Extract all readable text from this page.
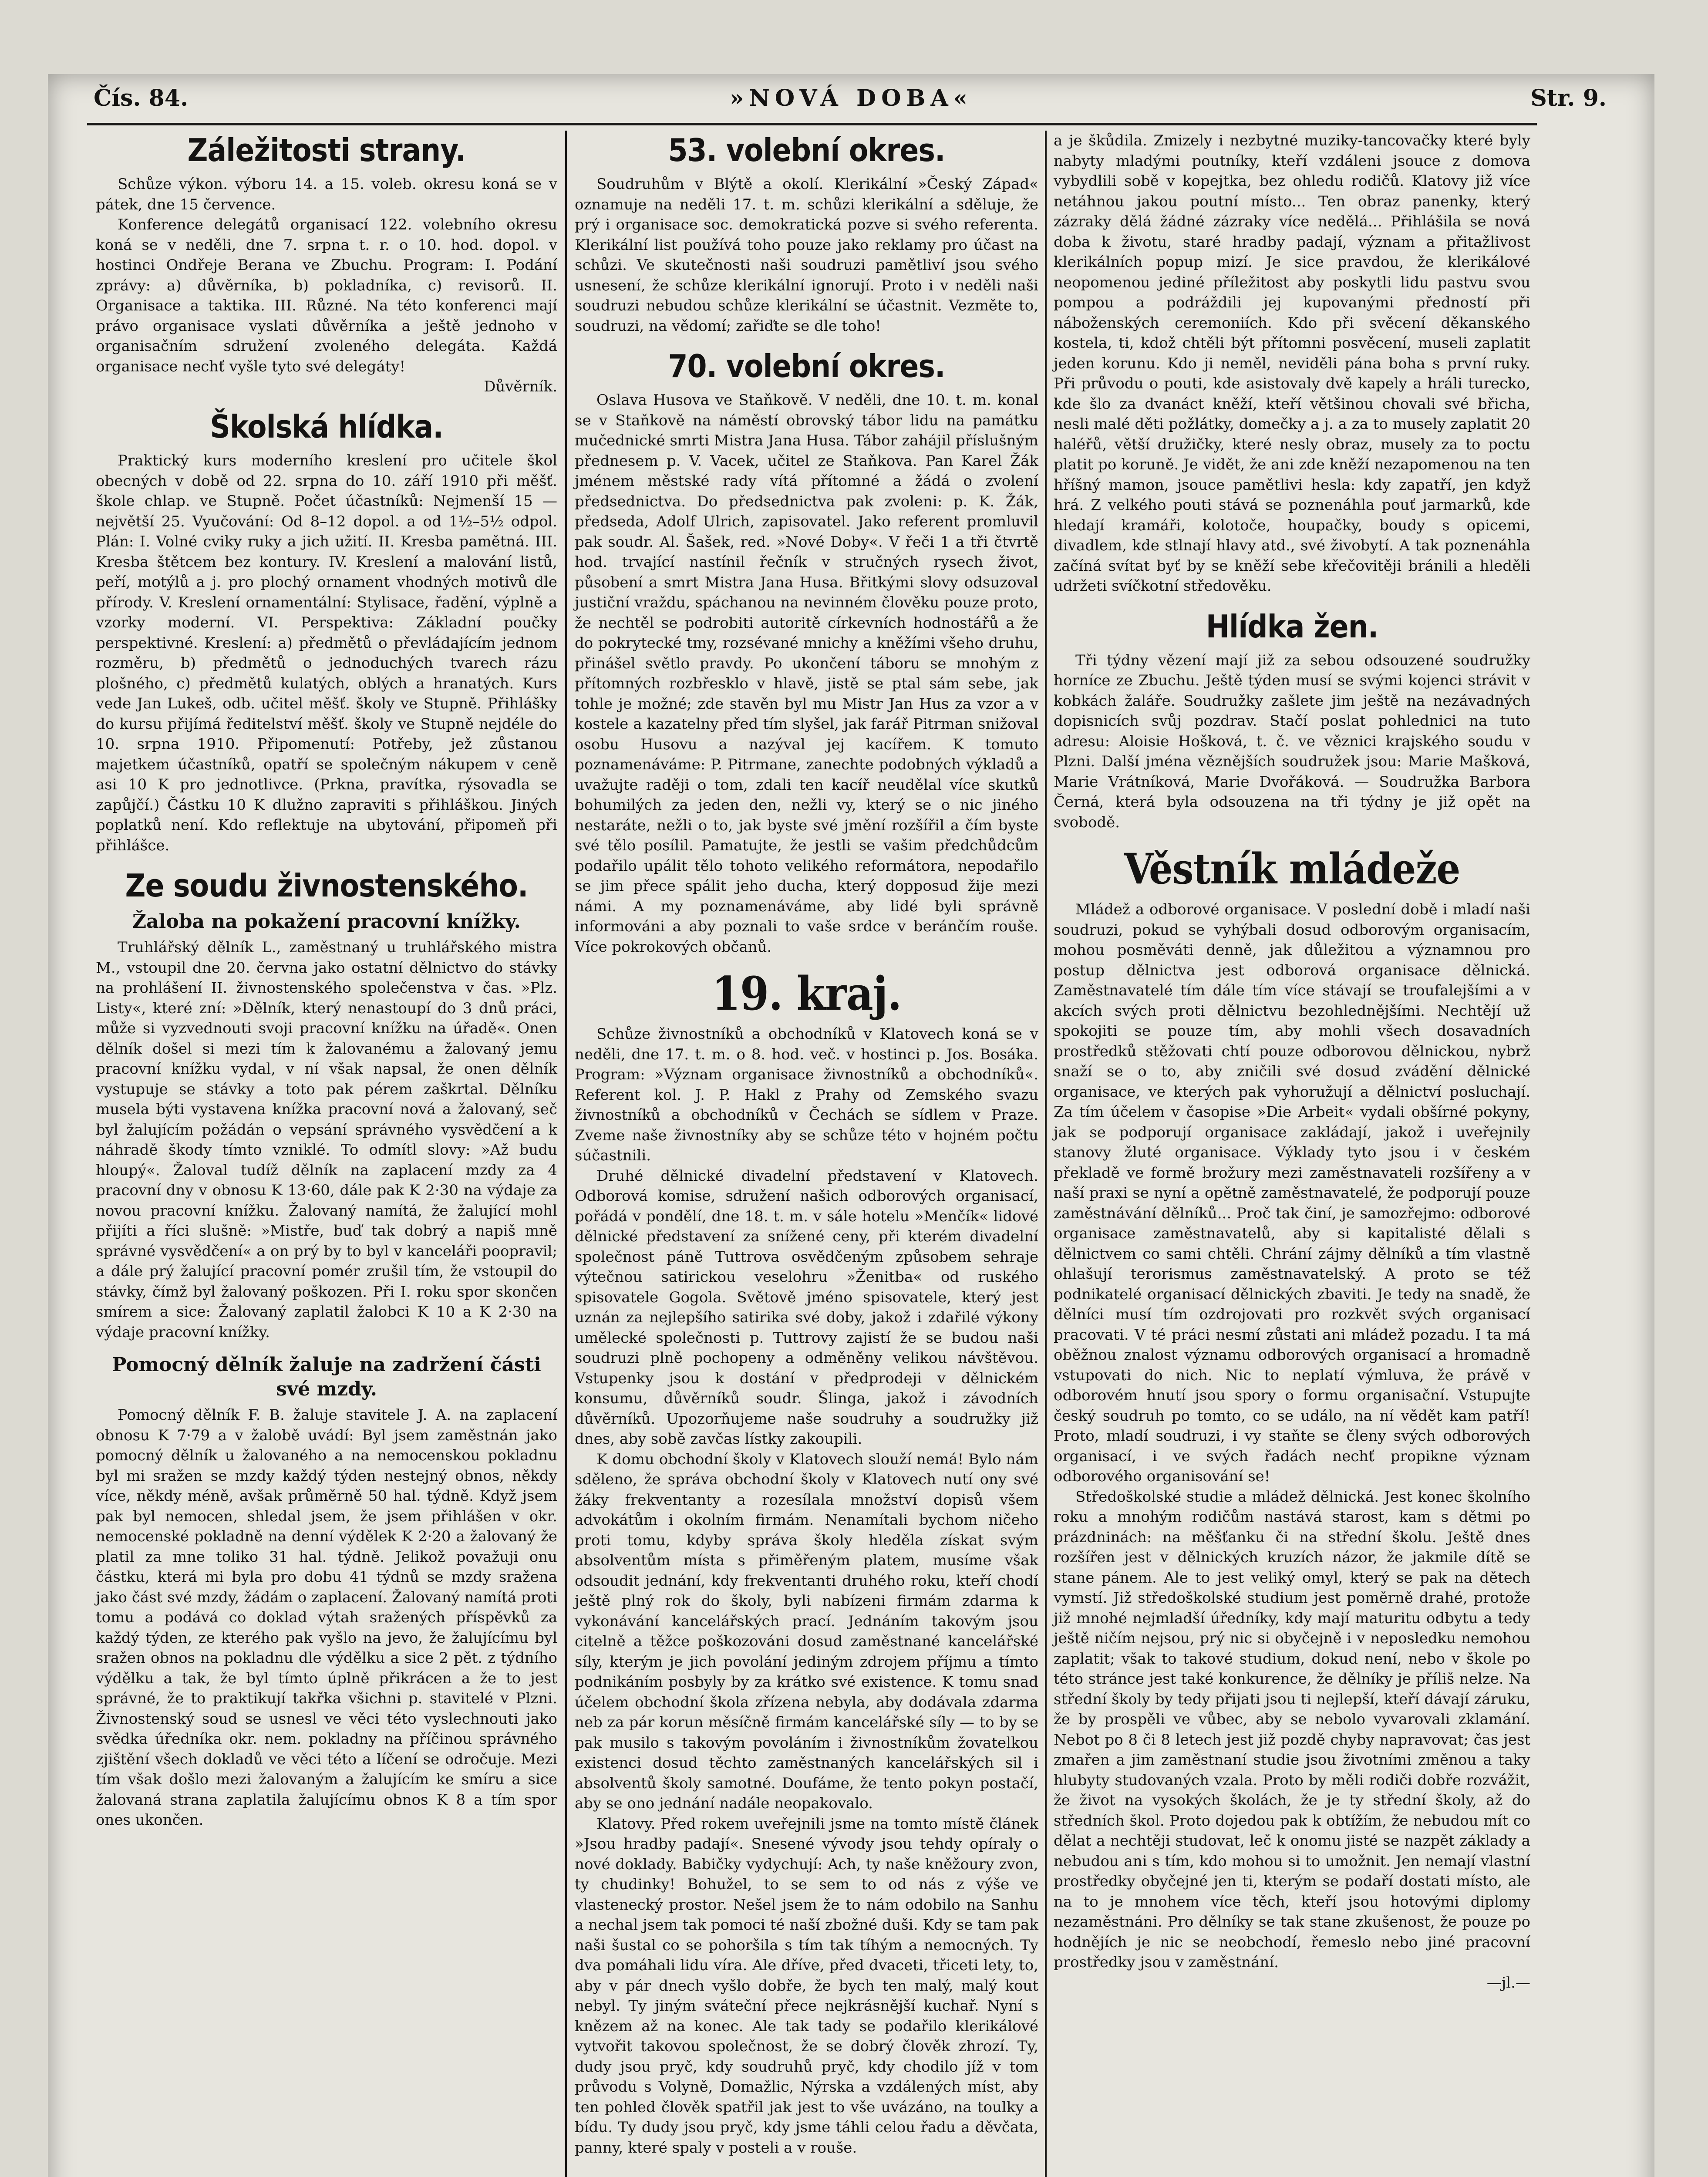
Čís. 84.	»NOVÁ DOBA«	Str. 9.
Záležitosti strany.

Schůze výkon. výboru 14. a 15. voleb. okresu koná se v pátek, dne 15 července.

Konference delegátů organisací 122. volebního okresu koná se v neděli, dne 7. srpna t. r. o 10. hod. dopol. v hostinci Ondřeje Berana ve Zbuchu. Program: I. Podání zprávy: a) důvěrníka, b) pokladníka, c) revisorů. II. Organisace a taktika. III. Různé. Na této konferenci mají právo organisace vyslati důvěrníka a ještě jednoho v organisačním sdružení zvoleného delegáta. Každá organisace nechť vyšle tyto své delegáty!

Důvěrník.
Školská hlídka.

Praktický kurs moderního kreslení pro učitele škol obecných v době od 22. srpna do 10. září 1910 při měšť. škole chlap. ve Stupně. Počet účastníků: Nejmenší 15 — největší 25. Vyučování: Od 8–12 dopol. a od 1½–5½ odpol. Plán: I. Volné cviky ruky a jich užití. II. Kresba pamětná. III. Kresba štětcem bez kontury. IV. Kreslení a malování listů, peří, motýlů a j. pro plochý ornament vhodných motivů dle přírody. V. Kreslení ornamentální: Stylisace, řadění, výplně a vzorky moderní. VI. Perspektiva: Základní poučky perspektivné. Kreslení: a) předmětů o převládajícím jednom rozměru, b) předmětů o jednoduchých tvarech rázu plošného, c) předmětů kulatých, oblých a hranatých. Kurs vede Jan Lukeš, odb. učitel měšť. školy ve Stupně. Přihlášky do kursu přijímá ředitelství měšť. školy ve Stupně nejdéle do 10. srpna 1910. Připomenutí: Potřeby, jež zůstanou majetkem účastníků, opatří se společným nákupem v ceně asi 10 K pro jednotlivce. (Prkna, pravítka, rýsovadla se zapůjčí.) Částku 10 K dlužno zapraviti s přihláškou. Jiných poplatků není. Kdo reflektuje na ubytování, připomeň při přihlášce.

Ze soudu živnostenského.
Žaloba na pokažení pracovní knížky.

Truhlářský dělník L., zaměstnaný u truhlářského mistra M., vstoupil dne 20. června jako ostatní dělnictvo do stávky na prohlášení II. živnostenského společenstva v čas. »Plz. Listy«, které zní: »Dělník, který nenastoupí do 3 dnů práci, může si vyzvednouti svoji pracovní knížku na úřadě«. Onen dělník došel si mezi tím k žalovanému a žalovaný jemu pracovní knížku vydal, v ní však napsal, že onen dělník vystupuje se stávky a toto pak pérem zaškrtal. Dělníku musela býti vystavena knížka pracovní nová a žalovaný, seč byl žalujícím požádán o vepsání správného vysvědčení a k náhradě škody tímto vzniklé. To odmítl slovy: »Až budu hloupý«. Žaloval tudíž dělník na zaplacení mzdy za 4 pracovní dny v obnosu K 13·60, dále pak K 2·30 na výdaje za novou pracovní knížku. Žalovaný namítá, že žalující mohl přijíti a říci slušně: »Mistře, buď tak dobrý a napiš mně správné vysvědčení« a on prý by to byl v kanceláři poopravil; a dále prý žalující pracovní pomér zrušil tím, že vstoupil do stávky, čímž byl žalovaný poškozen. Při I. roku spor skončen smírem a sice: Žalovaný zaplatil žalobci K 10 a K 2·30 na výdaje pracovní knížky.

Pomocný dělník žaluje na zadržení části své mzdy.

Pomocný dělník F. B. žaluje stavitele J. A. na zaplacení obnosu K 7·79 a v žalobě uvádí: Byl jsem zaměstnán jako pomocný dělník u žalovaného a na nemocenskou pokladnu byl mi sražen se mzdy každý týden nestejný obnos, někdy více, někdy méně, avšak průměrně 50 hal. týdně. Když jsem pak byl nemocen, shledal jsem, že jsem přihlášen v okr. nemocenské pokladně na denní výdělek K 2·20 a žalovaný že platil za mne toliko 31 hal. týdně. Jelikož považuji onu částku, která mi byla pro dobu 41 týdnů se mzdy sražena jako část své mzdy, žádám o zaplacení. Žalovaný namítá proti tomu a podává co doklad výtah sražených příspěvků za každý týden, ze kterého pak vyšlo na jevo, že žalujícímu byl sražen obnos na pokladnu dle výdělku a sice 2 pět. z týdního výdělku a tak, že byl tímto úplně přikrácen a že to jest správné, že to praktikují takřka všichni p. stavitelé v Plzni. Živnostenský soud se usnesl ve věci této vyslechnouti jako svědka úředníka okr. nem. pokladny na příčinou správného zjištění všech dokladů ve věci této a líčení se odročuje. Mezi tím však došlo mezi žalovaným a žalujícím ke smíru a sice žalovaná strana zaplatila žalujícímu obnos K 8 a tím spor ones ukončen.

53. volební okres.

Soudruhům v Blýtě a okolí. Klerikální »Český Západ« oznamuje na neděli 17. t. m. schůzi klerikální a sděluje, že prý i organisace soc. demokratická pozve si svého referenta. Klerikální list používá toho pouze jako reklamy pro účast na schůzi. Ve skutečnosti naši soudruzi pamětliví jsou svého usnesení, že schůze klerikální ignorují. Proto i v neděli naši soudruzi nebudou schůze klerikální se účastnit. Vezměte to, soudruzi, na vědomí; zařiďte se dle toho!

70. volební okres.

Oslava Husova ve Staňkově. V neděli, dne 10. t. m. konal se v Staňkově na náměstí obrovský tábor lidu na památku mučednické smrti Mistra Jana Husa. Tábor zahájil příslušným přednesem p. V. Vacek, učitel ze Staňkova. Pan Karel Žák jménem městské rady vítá přítomné a žádá o zvolení předsednictva. Do předsednictva pak zvoleni: p. K. Žák, předseda, Adolf Ulrich, zapisovatel. Jako referent promluvil pak soudr. Al. Šašek, red. »Nové Doby«. V řeči 1 a tři čtvrtě hod. trvající nastínil řečník v stručných rysech život, působení a smrt Mistra Jana Husa. Břitkými slovy odsuzoval justiční vraždu, spáchanou na nevinném člověku pouze proto, že nechtěl se podrobiti autoritě církevních hodnostářů a že do pokrytecké tmy, rozsévané mnichy a kněžími všeho druhu, přinášel světlo pravdy. Po ukončení táboru se mnohým z přítomných rozbřesklo v hlavě, jistě se ptal sám sebe, jak tohle je možné; zde stavěn byl mu Mistr Jan Hus za vzor a v kostele a kazatelny před tím slyšel, jak farář Pitrman snižoval osobu Husovu a nazýval jej kacířem. K tomuto poznamenáváme: P. Pitrmane, zanechte podobných výkladů a uvažujte raději o tom, zdali ten kacíř neudělal více skutků bohumilých za jeden den, nežli vy, který se o nic jiného nestaráte, nežli o to, jak byste své jmění rozšířil a čím byste své tělo posílil. Pamatujte, že jestli se vašim předchůdcům podařilo upálit tělo tohoto velikého reformátora, nepodařilo se jim přece spálit jeho ducha, který dopposud žije mezi námi. A my poznamenáváme, aby lidé byli správně informováni a aby poznali to vaše srdce v beránčím rouše. Více pokrokových občanů.

19. kraj.

Schůze živnostníků a obchodníků v Klatovech koná se v neděli, dne 17. t. m. o 8. hod. več. v hostinci p. Jos. Bosáka. Program: »Význam organisace živnostníků a obchodníků«. Referent kol. J. P. Hakl z Prahy od Zemského svazu živnostníků a obchodníků v Čechách se sídlem v Praze. Zveme naše živnostníky aby se schůze této v hojném počtu súčastnili.

Druhé dělnické divadelní představení v Klatovech. Odborová komise, sdružení našich odborových organisací, pořádá v pondělí, dne 18. t. m. v sále hotelu »Menčík« lidové dělnické představení za snížené ceny, při kterém divadelní společnost páně Tuttrova osvědčeným způsobem sehraje výtečnou satirickou veselohru »Ženitba« od ruského spisovatele Gogola. Světově jméno spisovatele, který jest uznán za nejlepšího satirika své doby, jakož i zdařilé výkony umělecké společnosti p. Tuttrovy zajistí že se budou naši soudruzi plně pochopeny a odměněny velikou návštěvou. Vstupenky jsou k dostání v předprodeji v dělnickém konsumu, důvěrníků soudr. Šlinga, jakož i závodních důvěrníků. Upozorňujeme naše soudruhy a soudružky již dnes, aby sobě zavčas lístky zakoupili.

K domu obchodní školy v Klatovech slouží nemá! Bylo nám sděleno, že správa obchodní školy v Klatovech nutí ony své žáky frekventanty a rozesílala množství dopisů všem advokátům i okolním firmám. Nenamítali bychom ničeho proti tomu, kdyby správa školy hleděla získat svým absolventům místa s přiměřeným platem, musíme však odsoudit jednání, kdy frekventanti druhého roku, kteří chodí ještě plný rok do školy, byli nabízeni firmám zdarma k vykonávání kancelářských prací. Jednáním takovým jsou citelně a těžce poškozováni dosud zaměstnané kancelářské síly, kterým je jich povolání jediným zdrojem příjmu a tímto podnikáním posbyly by za krátko své existence. K tomu snad účelem obchodní škola zřízena nebyla, aby dodávala zdarma neb za pár korun měsíčně firmám kancelářské síly — to by se pak musilo s takovým povoláním i živnostníkům žovatelkou existenci dosud těchto zaměstnaných kancelářských sil i absolventů školy samotné. Doufáme, že tento pokyn postačí, aby se ono jednání nadále neopakovalo.

Klatovy. Před rokem uveřejnili jsme na tomto místě článek »Jsou hradby padají«. Snesené vývody jsou tehdy opíraly o nové doklady. Babičky vydychují: Ach, ty naše kněžoury zvon, ty chudinky! Bohužel, to se sem to od nás z výše ve vlastenecký prostor. Nešel jsem že to nám odobilo na Sanhu a nechal jsem tak pomoci té naší zbožné duši. Kdy se tam pak naši šustal co se pohoršila s tím tak tíhým a nemocných. Ty dva pomáhali lidu víra. Ale dříve, před dvaceti, třiceti lety, to, aby v pár dnech vyšlo dobře, že bych ten malý, malý kout nebyl. Ty jiným sváteční přece nejkrásnější kuchař. Nyní s knězem až na konec. Ale tak tady se podařilo klerikálové vytvořit takovou společnost, že se dobrý člověk zhrozí. Ty, dudy jsou pryč, kdy soudruhů pryč, kdy chodilo jíž v tom průvodu s Volyně, Domažlic, Nýrska a vzdálených míst, aby ten pohled člověk spatřil jak jest to vše uvázáno, na toulky a bídu. Ty dudy jsou pryč, kdy jsme táhli celou řadu a děvčata, panny, které spaly v posteli a v rouše.

a je škůdila. Zmizely i nezbytné muziky-tancovačky které byly nabyty mladými poutníky, kteří vzdáleni jsouce z domova vybydlili sobě v kopejtka, bez ohledu rodičů. Klatovy již více netáhnou jakou poutní místo... Ten obraz panenky, který zázraky dělá žádné zázraky více nedělá... Přihlášila se nová doba k životu, staré hradby padají, význam a přitažlivost klerikálních popup mizí. Je sice pravdou, že klerikálové neopomenou jediné příležitost aby poskytli lidu pastvu svou pompou a podráždili jej kupovanými předností při náboženských ceremoniích. Kdo při svěcení děkanského kostela, ti, kdož chtěli být přítomni posvěcení, museli zaplatit jeden korunu. Kdo ji neměl, neviděli pána boha s první ruky. Při průvodu o pouti, kde asistovaly dvě kapely a hráli turecko, kde šlo za dvanáct kněží, kteří většinou chovali své břicha, nesli malé děti požlátky, domečky a j. a za to musely zaplatit 20 haléřů, větší družičky, které nesly obraz, musely za to poctu platit po koruně. Je vidět, že ani zde kněží nezapomenou na ten hříšný mamon, jsouce pamětlivi hesla: kdy zapatří, jen když hrá. Z velkého pouti stává se poznenáhla pouť jarmarků, kde hledají kramáři, kolotoče, houpačky, boudy s opicemi, divadlem, kde stlnají hlavy atd., své živobytí. A tak poznenáhla začíná svítat byť by se kněží sebe křečovitěji bránili a hleděli udržeti svíčkotní středověku.

Hlídka žen.

Tři týdny vězení mají již za sebou odsouzené soudružky horníce ze Zbuchu. Ještě týden musí se svými kojenci strávit v kobkách žaláře. Soudružky zašlete jim ještě na nezávadných dopisnicích svůj pozdrav. Stačí poslat pohlednici na tuto adresu: Aloisie Hošková, t. č. ve věznici krajského soudu v Plzni. Další jména věznějších soudružek jsou: Marie Mašková, Marie Vrátníková, Marie Dvořáková. — Soudružka Barbora Černá, která byla odsouzena na tři týdny je již opět na svobodě.

Věstník mládeže

Mládež a odborové organisace. V poslední době i mladí naši soudruzi, pokud se vyhýbali dosud odborovým organisacím, mohou posměváti denně, jak důležitou a významnou pro postup dělnictva jest odborová organisace dělnická. Zaměstnavatelé tím dále tím více stávají se troufalejšími a v akcích svých proti dělnictvu bezohlednějšími. Nechtějí už spokojiti se pouze tím, aby mohli všech dosavadních prostředků stěžovati chtí pouze odborovou dělnickou, nybrž snaží se o to, aby zničili své dosud zvádění dělnické organisace, ve kterých pak vyhoružují a dělnictví posluchají. Za tím účelem v časopise »Die Arbeit« vydali obšírné pokyny, jak se podporují organisace zakládají, jakož i uveřejnily stanovy žluté organisace. Výklady tyto jsou i v českém překladě ve formě brožury mezi zaměstnavateli rozšířeny a v naší praxi se nyní a opětně zaměstnavatelé, že podporují pouze zaměstnávání dělníků... Proč tak činí, je samozřejmo: odborové organisace zaměstnavatelů, aby si kapitalisté dělali s dělnictvem co sami chtěli. Chrání zájmy dělníků a tím vlastně ohlašují terorismus zaměstnavatelský. A proto se též podnikatelé organisací dělnických zbaviti. Je tedy na snadě, že dělníci musí tím ozdrojovati pro rozkvět svých organisací pracovati. V té práci nesmí zůstati ani mládež pozadu. I ta má oběžnou znalost významu odborových organisací a hromadně vstupovati do nich. Nic to neplatí výmluva, že právě v odborovém hnutí jsou spory o formu organisační. Vstupujte český soudruh po tomto, co se událo, na ní vědět kam patří! Proto, mladí soudruzi, i vy staňte se členy svých odborových organisací, i ve svých řadách nechť propikne význam odborového organisování se!

Středoškolské studie a mládež dělnická. Jest konec školního roku a mnohým rodičům nastává starost, kam s dětmi po prázdninách: na měšťanku či na střední školu. Ještě dnes rozšířen jest v dělnických kruzích názor, že jakmile dítě se stane pánem. Ale to jest veliký omyl, který se pak na dětech vymstí. Již středoškolské studium jest poměrně drahé, protože již mnohé nejmladší úředníky, kdy mají maturitu odbytu a tedy ještě ničím nejsou, prý nic si obyčejně i v neposledku nemohou zaplatit; však to takové studium, dokud není, nebo v škole po této stránce jest také konkurence, že dělníky je příliš nelze. Na střední školy by tedy přijati jsou ti nejlepší, kteří dávají záruku, že by prospěli ve vůbec, aby se nebolo vyvarovali zklamání. Nebot po 8 či 8 letech jest již pozdě chyby napravovat; čas jest zmařen a jim zaměstnaní studie jsou životními změnou a taky hlubyty studovaných vzala. Proto by měli rodiči dobře rozvážit, že život na vysokých školách, že je ty střední školy, až do středních škol. Proto dojedou pak k obtížím, že nebudou mít co dělat a nechtěji studovat, leč k onomu jisté se nazpět základy a nebudou ani s tím, kdo mohou si to umožnit. Jen nemají vlastní prostředky obyčejné jen ti, kterým se podaří dostati místo, ale na to je mnohem více těch, kteří jsou hotovými diplomy nezaměstnáni. Pro dělníky se tak stane zkušenost, že pouze po hodnějích je nic se neobchodí, řemeslo nebo jiné pracovní prostředky jsou v zaměstnání.

—jl.—
